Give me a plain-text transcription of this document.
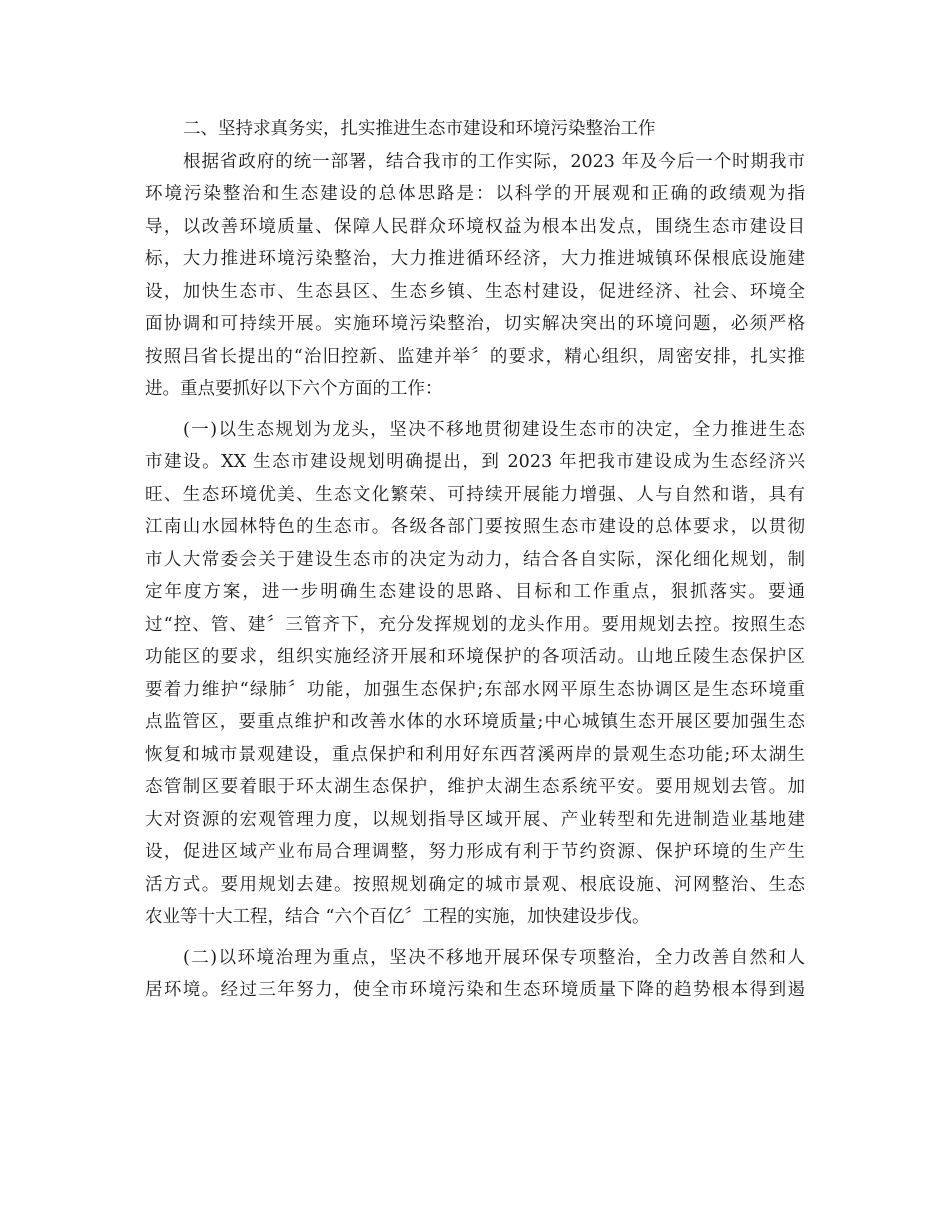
二、坚持求真务实，扎实推进生态市建设和环境污染整治工作
根据省政府的统一部署，结合我市的工作实际，2023 年及今后一个时期我市
环境污染整治和生态建设的总体思路是：以科学的开展观和正确的政绩观为指
导，以改善环境质量、保障人民群众环境权益为根本出发点，围绕生态市建设目
标，大力推进环境污染整治，大力推进循环经济，大力推进城镇环保根底设施建
设，加快生态市、生态县区、生态乡镇、生态村建设，促进经济、社会、环境全
面协调和可持续开展。实施环境污染整治，切实解决突出的环境问题，必须严格
按照吕省长提出的“治旧控新、监建并举〞的要求，精心组织，周密安排，扎实推
进。重点要抓好以下六个方面的工作：
(一)以生态规划为龙头，坚决不移地贯彻建设生态市的决定，全力推进生态
市建设。XX 生态市建设规划明确提出，到 2023 年把我市建设成为生态经济兴
旺、生态环境优美、生态文化繁荣、可持续开展能力增强、人与自然和谐，具有
江南山水园林特色的生态市。各级各部门要按照生态市建设的总体要求，以贯彻
市人大常委会关于建设生态市的决定为动力，结合各自实际，深化细化规划，制
定年度方案，进一步明确生态建设的思路、目标和工作重点，狠抓落实。要通
过“控、管、建〞三管齐下，充分发挥规划的龙头作用。要用规划去控。按照生态
功能区的要求，组织实施经济开展和环境保护的各项活动。山地丘陵生态保护区
要着力维护“绿肺〞功能，加强生态保护;东部水网平原生态协调区是生态环境重
点监管区，要重点维护和改善水体的水环境质量;中心城镇生态开展区要加强生态
恢复和城市景观建设，重点保护和利用好东西苕溪两岸的景观生态功能;环太湖生
态管制区要着眼于环太湖生态保护，维护太湖生态系统平安。要用规划去管。加
大对资源的宏观管理力度，以规划指导区域开展、产业转型和先进制造业基地建
设，促进区域产业布局合理调整，努力形成有利于节约资源、保护环境的生产生
活方式。要用规划去建。按照规划确定的城市景观、根底设施、河网整治、生态
农业等十大工程，结合 “六个百亿〞工程的实施，加快建设步伐。
(二)以环境治理为重点，坚决不移地开展环保专项整治，全力改善自然和人
居环境。经过三年努力，使全市环境污染和生态环境质量下降的趋势根本得到遏
